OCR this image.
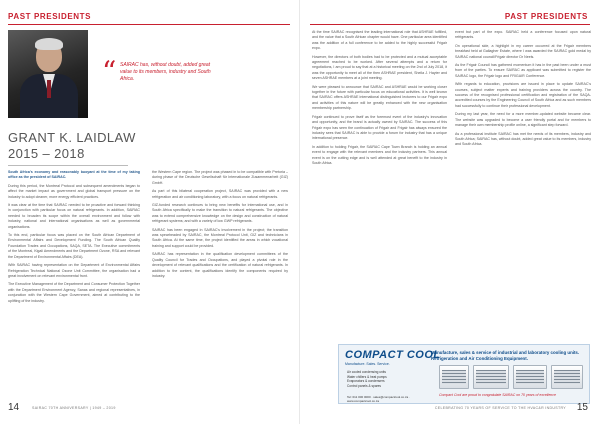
PAST PRESIDENTS
“ SAIRAC has, without doubt, added great value to its members, industry and South Africa.
GRANT K. LAIDLAW
2015 – 2018

South Africa's economy and reasonably buoyant at the time of my taking office as the president of SAIRAC.

During this period, the Montreal Protocol and subsequent amendments began to affect the market impact as government and global transport pressure on the industry to adopt cleaner, more energy efficient practices.

It was clear at the time that SAIRAC needed to be proactive and forward thinking in conjunction with particular focus on natural refrigerants. In addition, SAIRAC needed to broaden its scope within the overall environment and follow with industry, national and international organisations as well as governmental organisations.

To this end, particular focus was placed on the South African Department of Environmental Affairs and Development Funding. The South African Quality Foundation Trades and Occupations, SAQA, SETA. The Executive commitments of the Montreal, Kigali Amendments and the Department Ozone, RSA and relevant the Department of Environmental Affairs (DEA).

With SAIRAC having representation on the Department of Environmental Affairs Refrigeration Technical National Ozone Unit Committee, the organisation had a great involvement on relevant environmental front.

The Executive Management of the Department and Consumer Protection Together with the Department Environment Agency, Sanas and regional representatives, in conjunction with the Western Cape Government, aimed at contributing to the uplifting of the industry.

the Western Cape region. The project was phased in to be compatible with Pretoria – during phase of the Deutsche Gesellschaft für Internationale Zusammenarbeit (GIZ) GmbH.

As part of this bilateral cooperation project, SAIRAC was provided with a new refrigeration and air conditioning laboratory, with a focus on natural refrigerants.

GIZ-funded research continues to bring new benefits for international use, and in South Africa specifically to make the transition to natural refrigerants. The objective was to extend comprehensive knowledge on the design and construction of natural refrigerant systems; and with a variety of low GWP refrigerants.

SAIRAC has been engaged in SAIRAC's involvement in the project; the transition was spearheaded by SAIRAC, the Montreal Protocol Unit, GIZ and technicians in South Africa. At the same time, the project identified the areas in which vocational training and support could be provided.

SAIRAC has representation in the qualification development committees of the Quality Council for Trades and Occupations, and played a pivotal role in the development of relevant qualifications and the certification of natural refrigerants. In addition to the content, the qualifications identify the components required by industry.

14	SAIRAC 70TH ANNIVERSARY | 1949 – 2019
PAST PRESIDENTS

At the time SAIRAC recognised the leading international role that ASHRAE fulfilled, and the value that a South African chapter would have. One particular area identified was the addition of a full conference to be added to the highly successful Frigair expo.

However, the directors of both bodies had to be protected and a mutual acceptable agreement reached to be worked. After several attempts and a return for negotiations, I am proud to say that at a historical meeting on the 2nd of July 2018, it was the opportunity to meet all of the then ASHRAE president, Sheila J. Hayter and seven ASHRAE members at a joint meeting.

We were pleased to announce that SAIRAC and ASHRAE would be working closer together in the future with particular focus on educational activities. It is well known that SAIRAC offers ASHRAE international distinguished lecturers to our Frigair expo and activities of this nature will be greatly enhanced with the new organisation membership partnership.

Frigair continued to prove itself as the foremost event of the industry's innovation and opportunity, and the brand is actually owned by SAIRAC. The success of this Frigair expo has seen the continuation of Frigair and Frigair has always ensured the industry sees that SAIRAC is able to provide a forum for industry that has a unique international presence.

In addition to holding Frigair, the SAIRAC Cape Town Branch is holding an annual event to engage with the relevant members and the industry partners. This annual event is on the cutting edge and is well attended at great benefit to the industry in South Africa.

event but part of the expo. SAIRAC held a conference focused upon natural refrigerants.

On operational side, a highlight in my career occurred at the Frigair members breakfast held at Gallagher Estate, where I was awarded the SAIRAC gold medal by SAIRAC national council/Frigair director Dr Neels.

As the Frigair Council has gathered momentum it has in the past been under a must from of the parties. To ensure SAIRAC as applicant was submitted to register the SAIRAC logo, the Frigair logo and FRIGAIR Conference.

With regards to education, provisions are issued in place to update SAIRAC's courses, subject matter experts and training providers across the country. The success of the recognised professional certification and registration of the SAQA-accredited courses by the Engineering Council of South Africa and as such members had successfully to continue their professional development.

During my last year, the need for a more member-updated website became clear. The website was upgraded to become a user friendly portal and for members to manage their own membership profile online, a significant step forward.

As a professional institute SAIRAC has met the needs of its members, industry and South Africa; SAIRAC has, without doubt, added great value to its members, industry and South Africa.

COMPACT COOL
Manufacture. Sales. Service.
Manufacture, sales & service of industrial and laboratory cooling units. Refrigeration and Air Conditioning Equipment.
Air cooled condensing units
Water chillers & heat pumps
Evaporators & condensers
Control panels & spares
Tel: 011 000 0000 · sales@compactcool.co.za · www.compactcool.co.za
Compact Cool are proud to congratulate SAIRAC on 70 years of excellence
CELEBRATING 70 YEARS OF SERVICE TO THE HVAC&R INDUSTRY 15
